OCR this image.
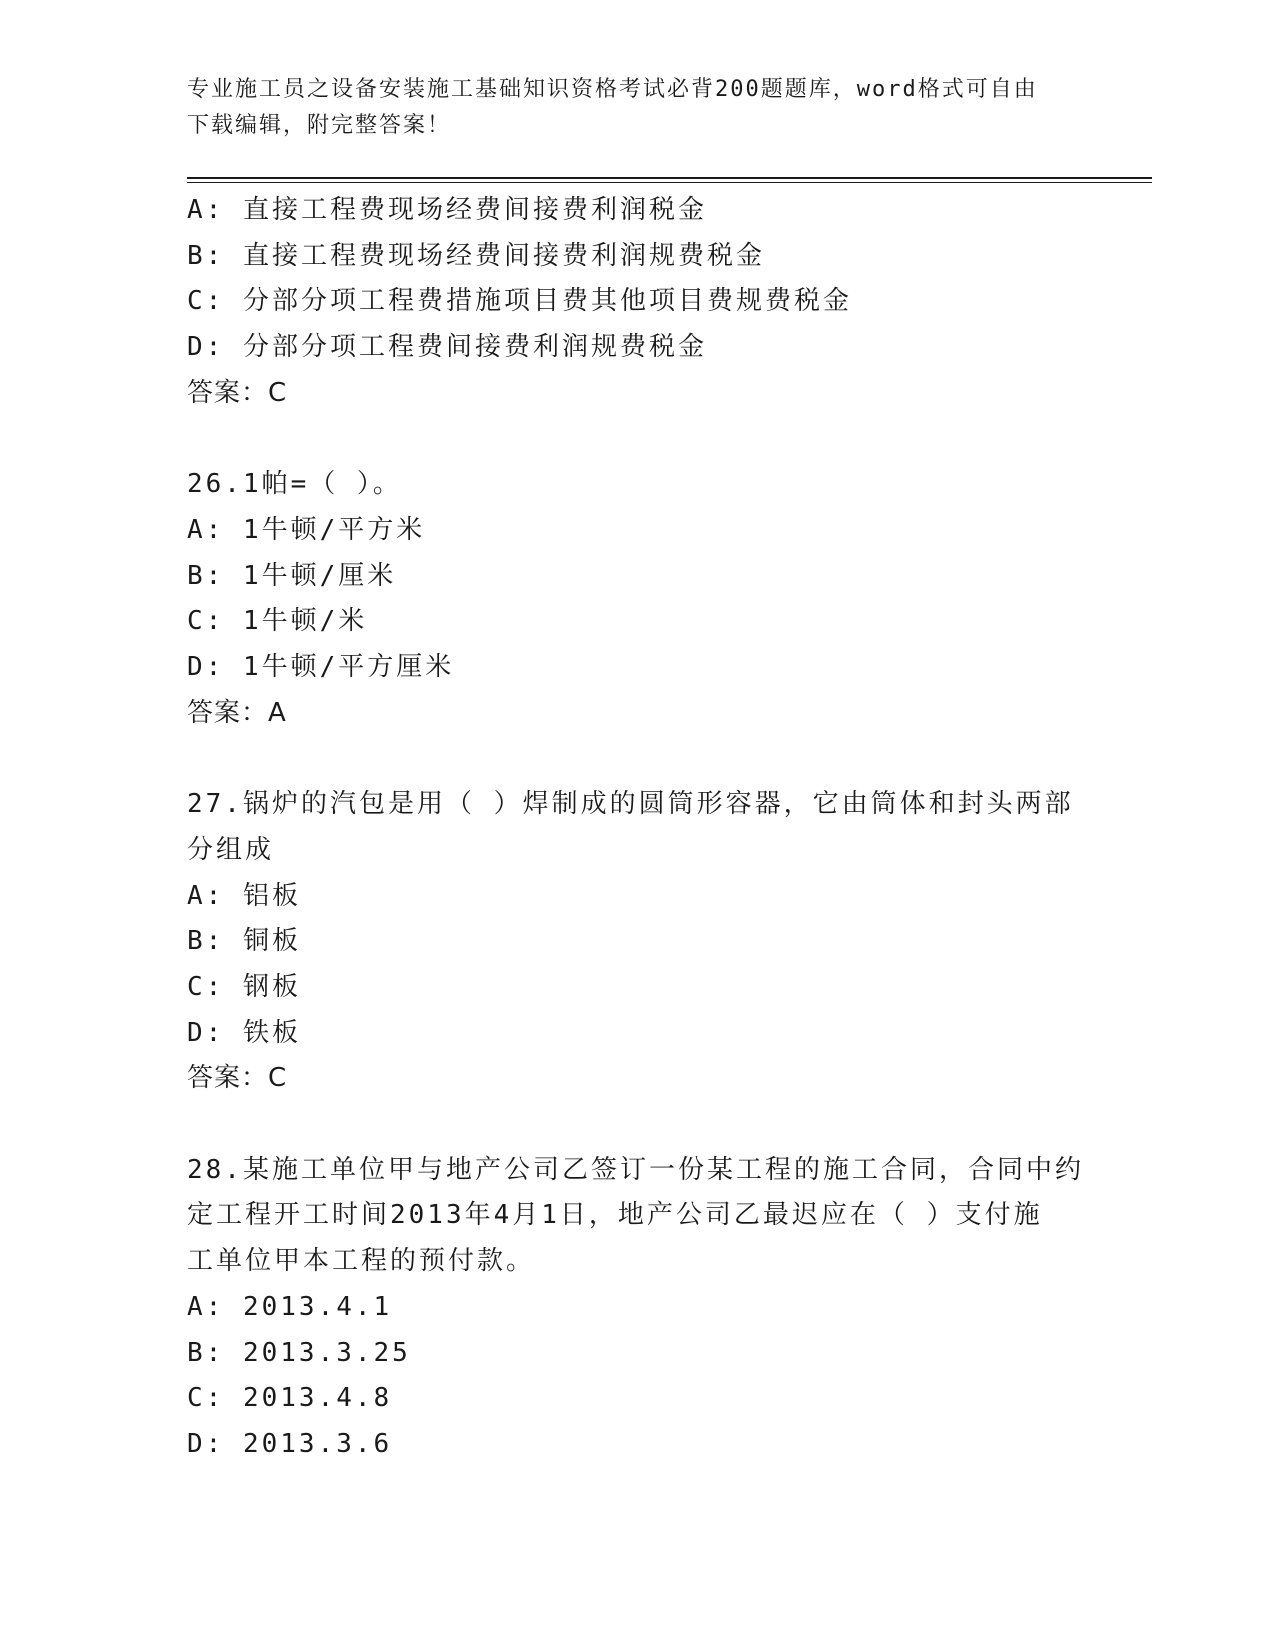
专业施工员之设备安装施工基础知识资格考试必背200题题库，word格式可自由
下载编辑，附完整答案！
A: 直接工程费现场经费间接费利润税金
B: 直接工程费现场经费间接费利润规费税金
C: 分部分项工程费措施项目费其他项目费规费税金
D: 分部分项工程费间接费利润规费税金
答案：C
26.1帕=（ ）。
A: 1牛顿/平方米
B: 1牛顿/厘米
C: 1牛顿/米
D: 1牛顿/平方厘米
答案：A
27.锅炉的汽包是用（ ）焊制成的圆筒形容器，它由筒体和封头两部
分组成
A: 铝板
B: 铜板
C: 钢板
D: 铁板
答案：C
28.某施工单位甲与地产公司乙签订一份某工程的施工合同，合同中约
定工程开工时间2013年4月1日，地产公司乙最迟应在（ ）支付施
工单位甲本工程的预付款。
A: 2013.4.1
B: 2013.3.25
C: 2013.4.8
D: 2013.3.6
